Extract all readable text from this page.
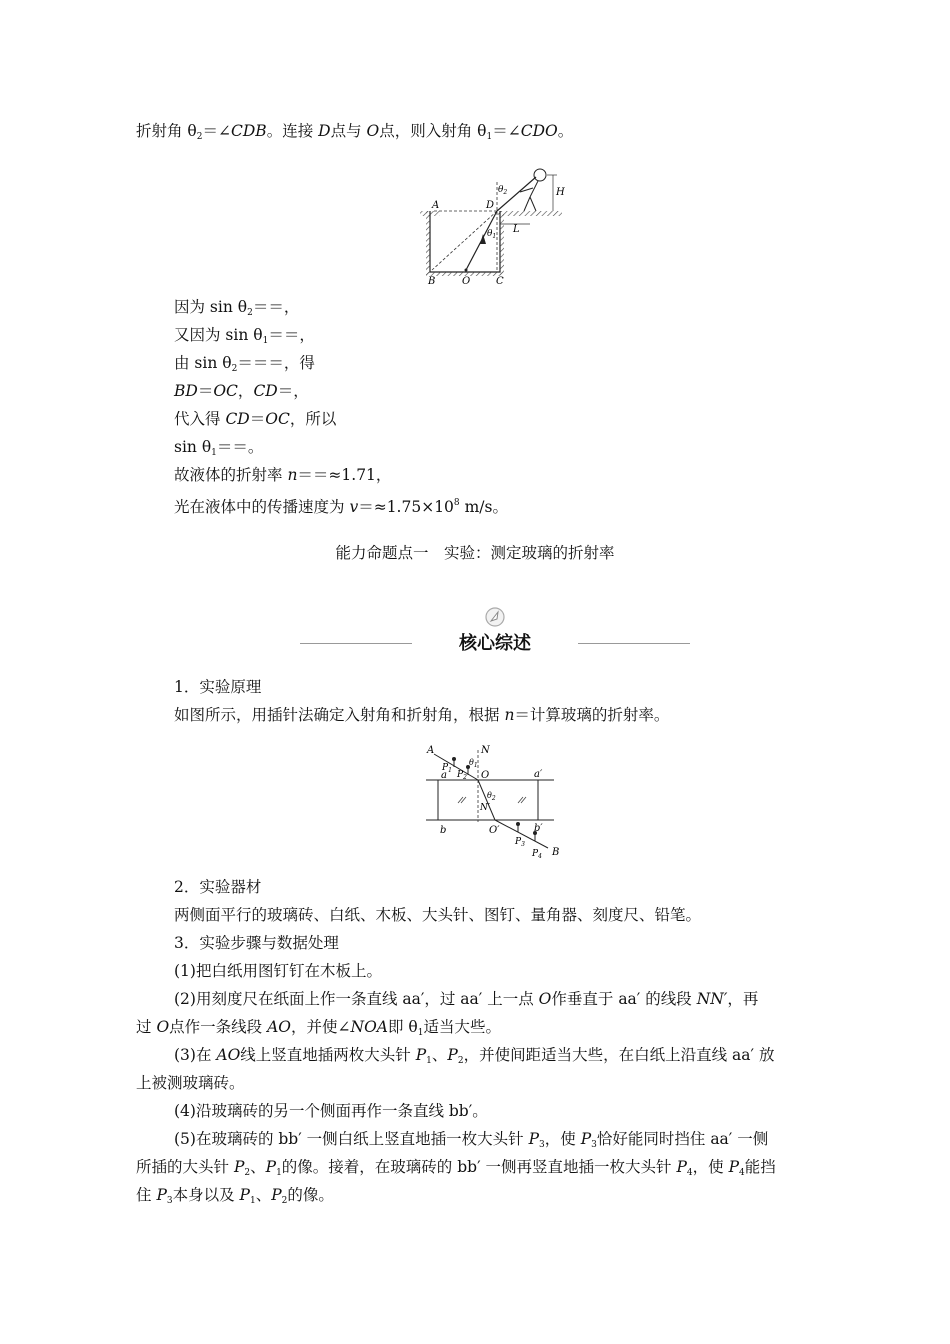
折射角 $\theta_2=\angle CDB$。连接 D点与 O点，则入射角 $\theta_1=\angle CDO$。
A	D
H
L
B	O	C
$\theta_2$
$\theta_1$
因为 $\sin \theta_2==$，
又因为 $\sin \theta_1==$，
由 $\sin \theta_2===$，得
BD＝OC，CD＝，
代入得 CD＝OC，所以
$\sin \theta_1==$。
故液体的折射率 n＝＝≈1.71，
光在液体中的传播速度为 $v=\approx 1.75\times 10^8$ m/s。
能力命题点一　实验：测定玻璃的折射率
核心综述
1．实验原理
如图所示，用插针法确定入射角和折射角，根据 n＝计算玻璃的折射率。
A	N
$P_1$ $P_2$
$\theta_1$
O
a	a′
N′
$\theta_2$
b	O′	b′
$P_3$
$P_4$ B
2．实验器材
两侧面平行的玻璃砖、白纸、木板、大头针、图钉、量角器、刻度尺、铅笔。
3．实验步骤与数据处理
(1)把白纸用图钉钉在木板上。
(2)用刻度尺在纸面上作一条直线 aa′，过 aa′ 上一点 O作垂直于 aa′ 的线段 NN′，再
过 O点作一条线段 AO，并使∠NOA即 $\theta_1$适当大些。
(3)在 AO线上竖直地插两枚大头针 $P_1$、$P_2$，并使间距适当大些，在白纸上沿直线 aa′ 放
上被测玻璃砖。
(4)沿玻璃砖的另一个侧面再作一条直线 bb′。
(5)在玻璃砖的 bb′ 一侧白纸上竖直地插一枚大头针 $P_3$，使 $P_3$恰好能同时挡住 aa′ 一侧
所插的大头针 $P_2$、$P_1$的像。接着，在玻璃砖的 bb′ 一侧再竖直地插一枚大头针 $P_4$，使 $P_4$能挡
住 $P_3$本身以及 $P_1$、$P_2$的像。
